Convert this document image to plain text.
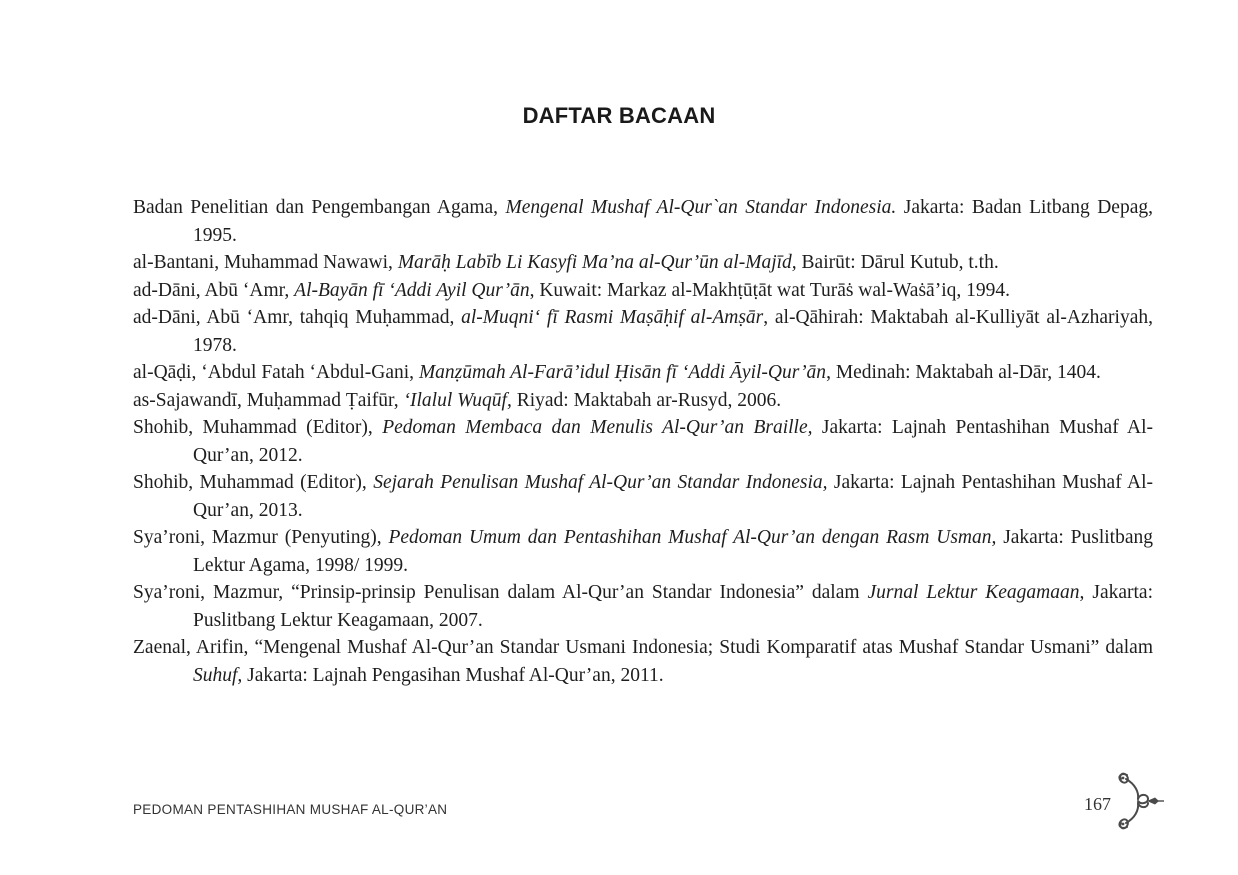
DAFTAR BACAAN

Badan Penelitian dan Pengembangan Agama, Mengenal Mushaf Al-Qur`an Standar Indonesia. Jakarta: Badan Litbang Depag, 1995.

al-Bantani, Muhammad Nawawi, Marāḥ Labīb Li Kasyfi Ma’na al-Qur’ūn al-Majīd, Bairūt: Dārul Kutub, t.th.

ad-Dāni, Abū ‘Amr, Al-Bayān fī ‘Addi Ayil Qur’ān, Kuwait: Markaz al-Makhṭūṭāt wat Turāṡ wal-Waṡā’iq, 1994.

ad-Dāni, Abū ‘Amr, tahqiq Muḥammad, al-Muqni‘ fī Rasmi Maṣāḥif al-Amṣār, al-Qāhirah: Maktabah al-Kulliyāt al-Azhariyah, 1978.

al-Qāḍi, ‘Abdul Fatah ‘Abdul-Gani, Manẓūmah Al-Farā’idul Ḥisān fī ‘Addi Āyil-Qur’ān, Medinah: Maktabah al-Dār, 1404.

as-Sajawandī, Muḥammad Ṭaifūr, ‘Ilalul Wuqūf, Riyad: Maktabah ar-Rusyd, 2006.

Shohib, Muhammad (Editor), Pedoman Membaca dan Menulis Al-Qur’an Braille, Jakarta: Lajnah Pentashihan Mushaf Al-Qur’an, 2012.

Shohib, Muhammad (Editor), Sejarah Penulisan Mushaf Al-Qur’an Standar Indonesia, Jakarta: Lajnah Pentashihan Mushaf Al-Qur’an, 2013.

Sya’roni, Mazmur (Penyuting), Pedoman Umum dan Pentashihan Mushaf Al-Qur’an dengan Rasm Usman, Jakarta: Puslitbang Lektur Agama, 1998/ 1999.

Sya’roni, Mazmur, “Prinsip-prinsip Penulisan dalam Al-Qur’an Standar Indonesia” dalam Jurnal Lektur Keagamaan, Jakarta: Puslitbang Lektur Keagamaan, 2007.

Zaenal, Arifin, “Mengenal Mushaf Al-Qur’an Standar Usmani Indonesia; Studi Komparatif atas Mushaf Standar Usmani” dalam Suhuf, Jakarta: Lajnah Pengasihan Mushaf Al-Qur’an, 2011.

PEDOMAN PENTASHIHAN MUSHAF AL-QUR’AN	167
